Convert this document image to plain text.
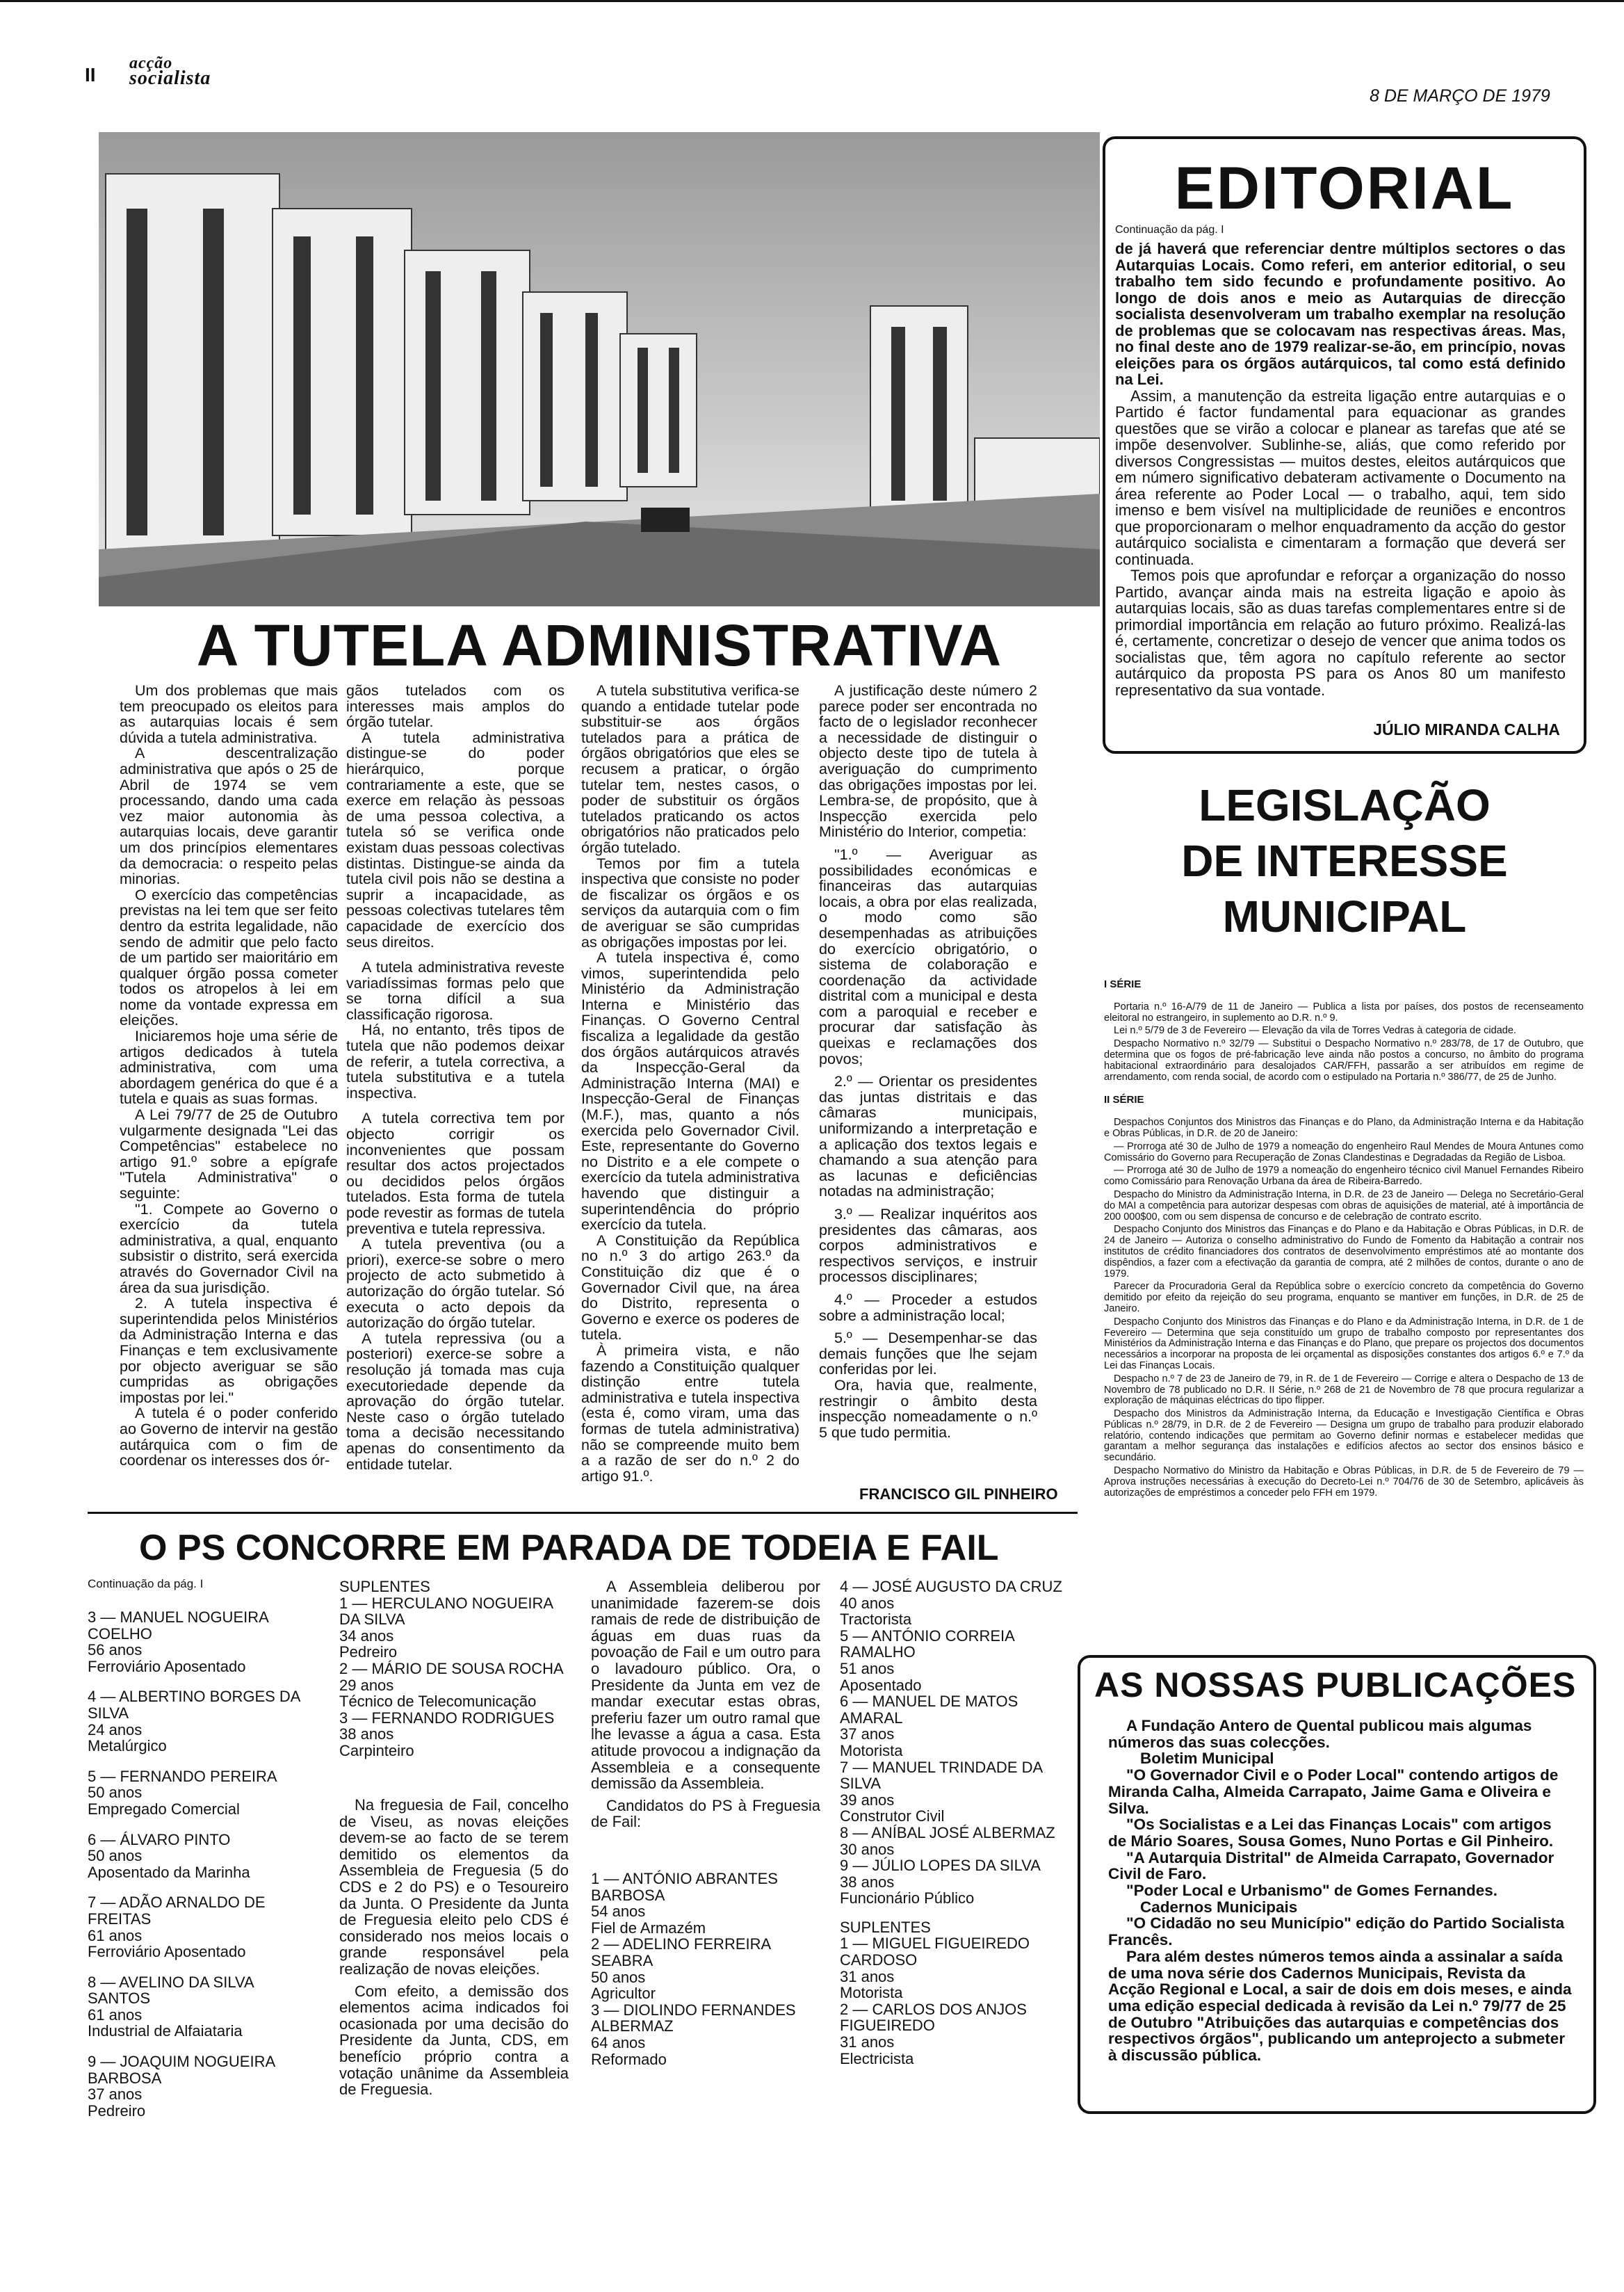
II
acção
socialista
8 DE MARÇO DE 1979
EDITORIAL
Continuação da pág. I

de já haverá que referenciar dentre múltiplos sectores o das Autarquias Locais. Como referi, em anterior editorial, o seu trabalho tem sido fecundo e profundamente positivo. Ao longo de dois anos e meio as Autarquias de direcção socialista desenvolveram um trabalho exemplar na resolução de problemas que se colocavam nas respectivas áreas. Mas, no final deste ano de 1979 realizar-se-ão, em princípio, novas eleições para os órgãos autárquicos, tal como está definido na Lei.

Assim, a manutenção da estreita ligação entre autarquias e o Partido é factor fundamental para equacionar as grandes questões que se virão a colocar e planear as tarefas que até se impõe desenvolver. Sublinhe-se, aliás, que como referido por diversos Congressistas — muitos destes, eleitos autárquicos que em número significativo debateram activamente o Documento na área referente ao Poder Local — o trabalho, aqui, tem sido imenso e bem visível na multiplicidade de reuniões e encontros que proporcionaram o melhor enquadramento da acção do gestor autárquico socialista e cimentaram a formação que deverá ser continuada.

Temos pois que aprofundar e reforçar a organização do nosso Partido, avançar ainda mais na estreita ligação e apoio às autarquias locais, são as duas tarefas complementares entre si de primordial importância em relação ao futuro próximo. Realizá-las é, certamente, concretizar o desejo de vencer que anima todos os socialistas que, têm agora no capítulo referente ao sector autárquico da proposta PS para os Anos 80 um manifesto representativo da sua vontade.

JÚLIO MIRANDA CALHA
A TUTELA ADMINISTRATIVA

Um dos problemas que mais tem preocupado os eleitos para as autarquias locais é sem dúvida a tutela administrativa.

A descentralização administrativa que após o 25 de Abril de 1974 se vem processando, dando uma cada vez maior autonomia às autarquias locais, deve garantir um dos princípios elementares da democracia: o respeito pelas minorias.

O exercício das competências previstas na lei tem que ser feito dentro da estrita legalidade, não sendo de admitir que pelo facto de um partido ser maioritário em qualquer órgão possa cometer todos os atropelos à lei em nome da vontade expressa em eleições.

Iniciaremos hoje uma série de artigos dedicados à tutela administrativa, com uma abordagem genérica do que é a tutela e quais as suas formas.

A Lei 79/77 de 25 de Outubro vulgarmente designada "Lei das Competências" estabelece no artigo 91.º sobre a epígrafe "Tutela Administrativa" o seguinte:

"1. Compete ao Governo o exercício da tutela administrativa, a qual, enquanto subsistir o distrito, será exercida através do Governador Civil na área da sua jurisdição.

2. A tutela inspectiva é superintendida pelos Ministérios da Administração Interna e das Finanças e tem exclusivamente por objecto averiguar se são cumpridas as obrigações impostas por lei."

A tutela é o poder conferido ao Governo de intervir na gestão autárquica com o fim de coordenar os interesses dos ór-

gãos tutelados com os interesses mais amplos do órgão tutelar.

A tutela administrativa distingue-se do poder hierárquico, porque contrariamente a este, que se exerce em relação às pessoas de uma pessoa colectiva, a tutela só se verifica onde existam duas pessoas colectivas distintas. Distingue-se ainda da tutela civil pois não se destina a suprir a incapacidade, as pessoas colectivas tutelares têm capacidade de exercício dos seus direitos.

A tutela administrativa reveste variadíssimas formas pelo que se torna difícil a sua classificação rigorosa.

Há, no entanto, três tipos de tutela que não podemos deixar de referir, a tutela correctiva, a tutela substitutiva e a tutela inspectiva.

A tutela correctiva tem por objecto corrigir os inconvenientes que possam resultar dos actos projectados ou decididos pelos órgãos tutelados. Esta forma de tutela pode revestir as formas de tutela preventiva e tutela repressiva.

A tutela preventiva (ou a priori), exerce-se sobre o mero projecto de acto submetido à autorização do órgão tutelar. Só executa o acto depois da autorização do órgão tutelar.

A tutela repressiva (ou a posteriori) exerce-se sobre a resolução já tomada mas cuja executoriedade depende da aprovação do órgão tutelar. Neste caso o órgão tutelado toma a decisão necessitando apenas do consentimento da entidade tutelar.

A tutela substitutiva verifica-se quando a entidade tutelar pode substituir-se aos órgãos tutelados para a prática de órgãos obrigatórios que eles se recusem a praticar, o órgão tutelar tem, nestes casos, o poder de substituir os órgãos tutelados praticando os actos obrigatórios não praticados pelo órgão tutelado.

Temos por fim a tutela inspectiva que consiste no poder de fiscalizar os órgãos e os serviços da autarquia com o fim de averiguar se são cumpridas as obrigações impostas por lei.

A tutela inspectiva é, como vimos, superintendida pelo Ministério da Administração Interna e Ministério das Finanças. O Governo Central fiscaliza a legalidade da gestão dos órgãos autárquicos através da Inspecção-Geral da Administração Interna (MAI) e Inspecção-Geral de Finanças (M.F.), mas, quanto a nós exercida pelo Governador Civil. Este, representante do Governo no Distrito e a ele compete o exercício da tutela administrativa havendo que distinguir a superintendência do próprio exercício da tutela.

A Constituição da República no n.º 3 do artigo 263.º da Constituição diz que é o Governador Civil que, na área do Distrito, representa o Governo e exerce os poderes de tutela.

À primeira vista, e não fazendo a Constituição qualquer distinção entre tutela administrativa e tutela inspectiva (esta é, como viram, uma das formas de tutela administrativa) não se compreende muito bem a a razão de ser do n.º 2 do artigo 91.º.

A justificação deste número 2 parece poder ser encontrada no facto de o legislador reconhecer a necessidade de distinguir o objecto deste tipo de tutela à averiguação do cumprimento das obrigações impostas por lei. Lembra-se, de propósito, que à Inspecção exercida pelo Ministério do Interior, competia:

"1.º — Averiguar as possibilidades económicas e financeiras das autarquias locais, a obra por elas realizada, o modo como são desempenhadas as atribuições do exercício obrigatório, o sistema de colaboração e coordenação da actividade distrital com a municipal e desta com a paroquial e receber e procurar dar satisfação às queixas e reclamações dos povos;

2.º — Orientar os presidentes das juntas distritais e das câmaras municipais, uniformizando a interpretação e a aplicação dos textos legais e chamando a sua atenção para as lacunas e deficiências notadas na administração;

3.º — Realizar inquéritos aos presidentes das câmaras, aos corpos administrativos e respectivos serviços, e instruir processos disciplinares;

4.º — Proceder a estudos sobre a administração local;

5.º — Desempenhar-se das demais funções que lhe sejam conferidas por lei.

Ora, havia que, realmente, restringir o âmbito desta inspecção nomeadamente o n.º 5 que tudo permitia.

FRANCISCO GIL PINHEIRO
LEGISLAÇÃO
DE INTERESSE
MUNICIPAL

I SÉRIE

Portaria n.º 16-A/79 de 11 de Janeiro — Publica a lista por países, dos postos de recenseamento eleitoral no estrangeiro, in suplemento ao D.R. n.º 9.

Lei n.º 5/79 de 3 de Fevereiro — Elevação da vila de Torres Vedras à categoria de cidade.

Despacho Normativo n.º 32/79 — Substitui o Despacho Normativo n.º 283/78, de 17 de Outubro, que determina que os fogos de pré-fabricação leve ainda não postos a concurso, no âmbito do programa habitacional extraordinário para desalojados CAR/FFH, passarão a ser atribuídos em regime de arrendamento, com renda social, de acordo com o estipulado na Portaria n.º 386/77, de 25 de Junho.

II SÉRIE

Despachos Conjuntos dos Ministros das Finanças e do Plano, da Administração Interna e da Habitação e Obras Públicas, in D.R. de 20 de Janeiro:

— Prorroga até 30 de Julho de 1979 a nomeação do engenheiro Raul Mendes de Moura Antunes como Comissário do Governo para Recuperação de Zonas Clandestinas e Degradadas da Região de Lisboa.

— Prorroga até 30 de Julho de 1979 a nomeação do engenheiro técnico civil Manuel Fernandes Ribeiro como Comissário para Renovação Urbana da área de Ribeira-Barredo.

Despacho do Ministro da Administração Interna, in D.R. de 23 de Janeiro — Delega no Secretário-Geral do MAI a competência para autorizar despesas com obras de aquisições de material, até à importância de 200 000$00, com ou sem dispensa de concurso e de celebração de contrato escrito.

Despacho Conjunto dos Ministros das Finanças e do Plano e da Habitação e Obras Públicas, in D.R. de 24 de Janeiro — Autoriza o conselho administrativo do Fundo de Fomento da Habitação a contrair nos institutos de crédito financiadores dos contratos de desenvolvimento empréstimos até ao montante dos dispêndios, a fazer com a efectivação da garantia de compra, até 2 milhões de contos, durante o ano de 1979.

Parecer da Procuradoria Geral da República sobre o exercício concreto da competência do Governo demitido por efeito da rejeição do seu programa, enquanto se mantiver em funções, in D.R. de 25 de Janeiro.

Despacho Conjunto dos Ministros das Finanças e do Plano e da Administração Interna, in D.R. de 1 de Fevereiro — Determina que seja constituído um grupo de trabalho composto por representantes dos Ministérios da Administração Interna e das Finanças e do Plano, que prepare os projectos dos documentos necessários a incorporar na proposta de lei orçamental as disposições constantes dos artigos 6.º e 7.º da Lei das Finanças Locais.

Despacho n.º 7 de 23 de Janeiro de 79, in R. de 1 de Fevereiro — Corrige e altera o Despacho de 13 de Novembro de 78 publicado no D.R. II Série, n.º 268 de 21 de Novembro de 78 que procura regularizar a exploração de máquinas eléctricas do tipo flipper.

Despacho dos Ministros da Administração Interna, da Educação e Investigação Científica e Obras Públicas n.º 28/79, in D.R. de 2 de Fevereiro — Designa um grupo de trabalho para produzir elaborado relatório, contendo indicações que permitam ao Governo definir normas e estabelecer medidas que garantam a melhor segurança das instalações e edifícios afectos ao sector dos ensinos básico e secundário.

Despacho Normativo do Ministro da Habitação e Obras Públicas, in D.R. de 5 de Fevereiro de 79 — Aprova instruções necessárias à execução do Decreto-Lei n.º 704/76 de 30 de Setembro, aplicáveis às autorizações de empréstimos a conceder pelo FFH em 1979.

O PS CONCORRE EM PARADA DE TODEIA E FAIL
Continuação da pág. I

3 — MANUEL NOGUEIRA COELHO

56 anos

Ferroviário Aposentado

4 — ALBERTINO BORGES DA SILVA

24 anos

Metalúrgico

5 — FERNANDO PEREIRA

50 anos

Empregado Comercial

6 — ÁLVARO PINTO

50 anos

Aposentado da Marinha

7 — ADÃO ARNALDO DE FREITAS

61 anos

Ferroviário Aposentado

8 — AVELINO DA SILVA SANTOS

61 anos

Industrial de Alfaiataria

9 — JOAQUIM NOGUEIRA BARBOSA

37 anos

Pedreiro

SUPLENTES

1 — HERCULANO NOGUEIRA DA SILVA

34 anos

Pedreiro

2 — MÁRIO DE SOUSA ROCHA

29 anos

Técnico de Telecomunicação

3 — FERNANDO RODRIGUES

38 anos

Carpinteiro

Na freguesia de Fail, concelho de Viseu, as novas eleições devem-se ao facto de se terem demitido os elementos da Assembleia de Freguesia (5 do CDS e 2 do PS) e o Tesoureiro da Junta. O Presidente da Junta de Freguesia eleito pelo CDS é considerado nos meios locais o grande responsável pela realização de novas eleições.

Com efeito, a demissão dos elementos acima indicados foi ocasionada por uma decisão do Presidente da Junta, CDS, em benefício próprio contra a votação unânime da Assembleia de Freguesia.

A Assembleia deliberou por unanimidade fazerem-se dois ramais de rede de distribuição de águas em duas ruas da povoação de Fail e um outro para o lavadouro público. Ora, o Presidente da Junta em vez de mandar executar estas obras, preferiu fazer um outro ramal que lhe levasse a água a casa. Esta atitude provocou a indignação da Assembleia e a consequente demissão da Assembleia.

Candidatos do PS à Freguesia de Fail:

1 — ANTÓNIO ABRANTES BARBOSA

54 anos

Fiel de Armazém

2 — ADELINO FERREIRA SEABRA

50 anos

Agricultor

3 — DIOLINDO FERNANDES ALBERMAZ

64 anos

Reformado

4 — JOSÉ AUGUSTO DA CRUZ

40 anos

Tractorista

5 — ANTÓNIO CORREIA RAMALHO

51 anos

Aposentado

6 — MANUEL DE MATOS AMARAL

37 anos

Motorista

7 — MANUEL TRINDADE DA SILVA

39 anos

Construtor Civil

8 — ANÍBAL JOSÉ ALBERMAZ

30 anos

9 — JÚLIO LOPES DA SILVA

38 anos

Funcionário Público

SUPLENTES

1 — MIGUEL FIGUEIREDO CARDOSO

31 anos

Motorista

2 — CARLOS DOS ANJOS FIGUEIREDO

31 anos

Electricista

AS NOSSAS PUBLICAÇÕES

A Fundação Antero de Quental publicou mais algumas números das suas colecções.

Boletim Municipal

"O Governador Civil e o Poder Local" contendo artigos de Miranda Calha, Almeida Carrapato, Jaime Gama e Oliveira e Silva.

"Os Socialistas e a Lei das Finanças Locais" com artigos de Mário Soares, Sousa Gomes, Nuno Portas e Gil Pinheiro.

"A Autarquia Distrital" de Almeida Carrapato, Governador Civil de Faro.

"Poder Local e Urbanismo" de Gomes Fernandes.

Cadernos Municipais

"O Cidadão no seu Município" edição do Partido Socialista Francês.

Para além destes números temos ainda a assinalar a saída de uma nova série dos Cadernos Municipais, Revista da Acção Regional e Local, a sair de dois em dois meses, e ainda uma edição especial dedicada à revisão da Lei n.º 79/77 de 25 de Outubro "Atribuições das autarquias e competências dos respectivos órgãos", publicando um anteprojecto a submeter à discussão pública.
